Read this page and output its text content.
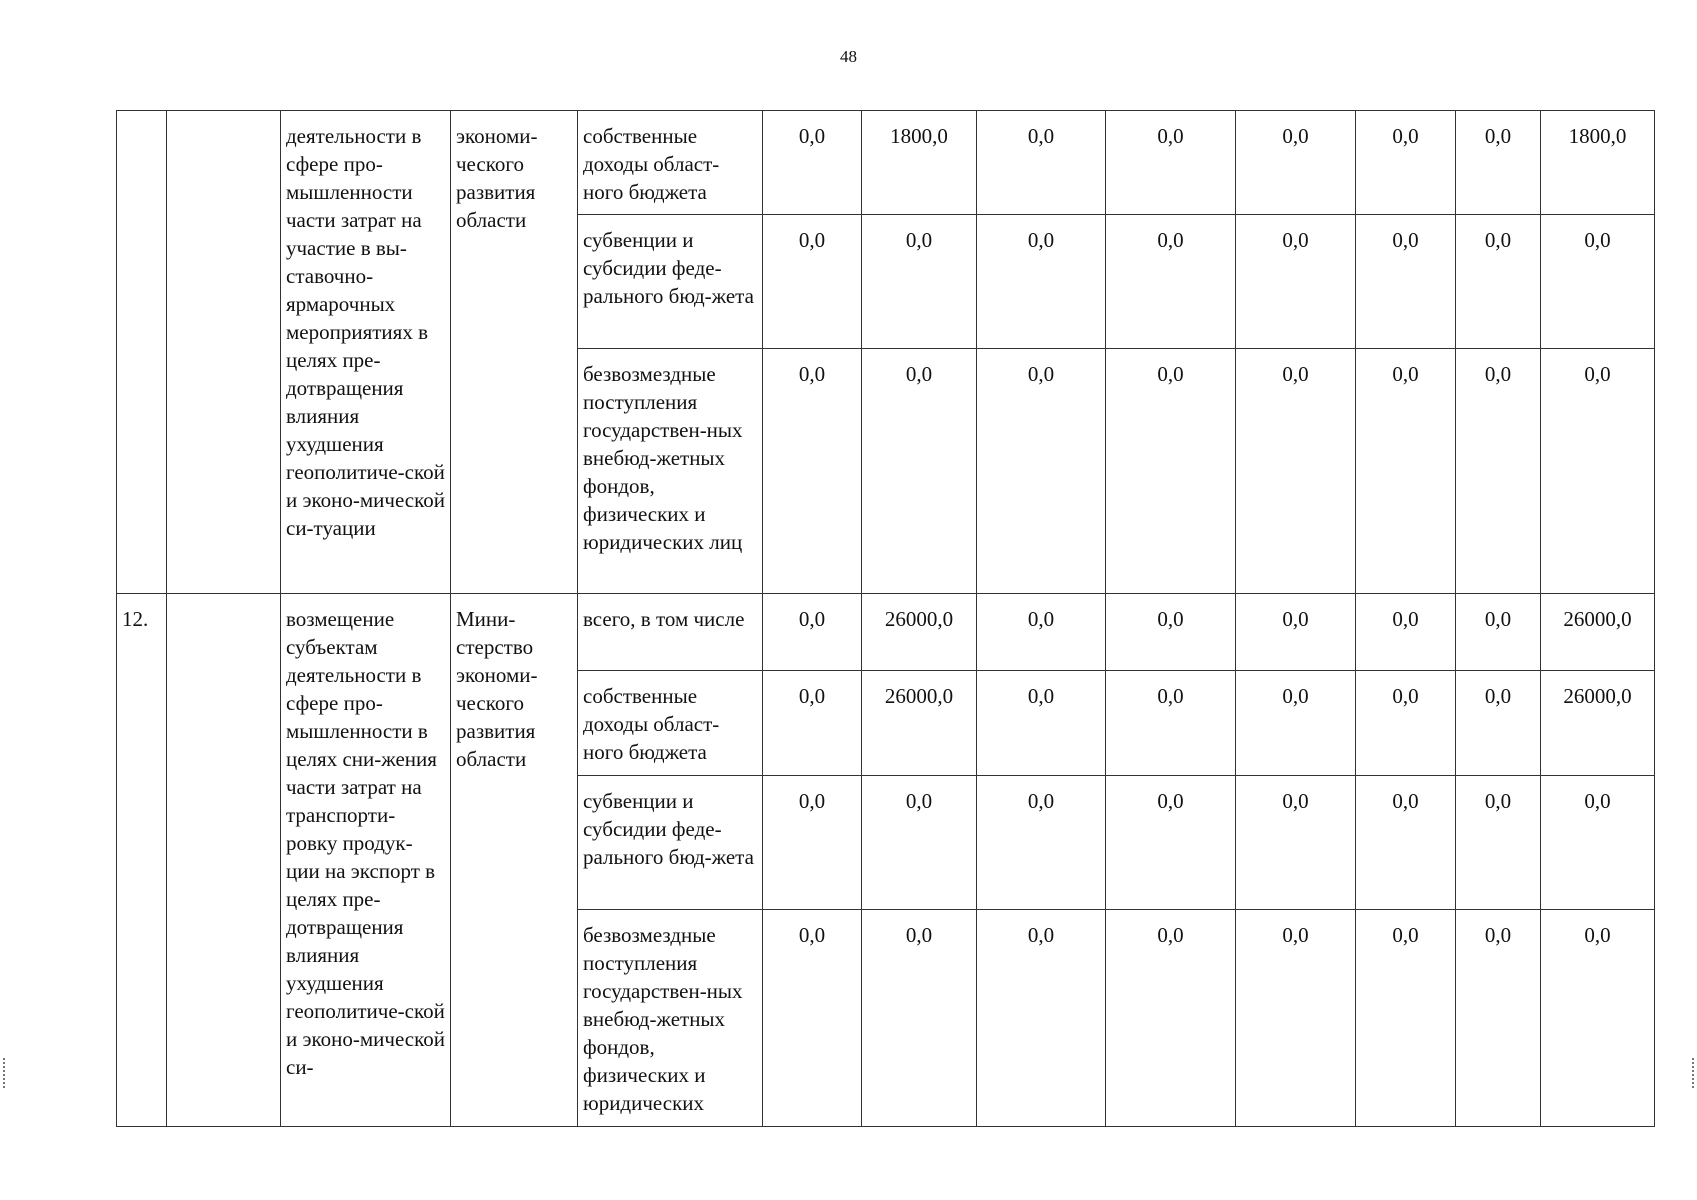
48
		деятельности в сфере про-мышленности части затрат на участие в вы-ставочно-ярмарочных мероприятиях в целях пре-дотвращения влияния ухудшения геополитиче-ской и эконо-мической си-туации	экономи-ческого развития области	собственные доходы област-ного бюджета	0,0	1800,0	0,0	0,0	0,0	0,0	0,0	1800,0
				субвенции и субсидии феде-рального бюд-жета	0,0	0,0	0,0	0,0	0,0	0,0	0,0	0,0
				безвозмездные поступления государствен-ных внебюд-жетных фондов, физических и юридических лиц	0,0	0,0	0,0	0,0	0,0	0,0	0,0	0,0
12.		возмещение субъектам деятельности в сфере про-мышленности в целях сни-жения части затрат на транспорти-ровку продук-ции на экспорт в целях пре-дотвращения влияния ухудшения геополитиче-ской и эконо-мической си-	Мини-стерство экономи-ческого развития области	всего, в том числе	0,0	26000,0	0,0	0,0	0,0	0,0	0,0	26000,0
				собственные доходы област-ного бюджета	0,0	26000,0	0,0	0,0	0,0	0,0	0,0	26000,0
				субвенции и субсидии феде-рального бюд-жета	0,0	0,0	0,0	0,0	0,0	0,0	0,0	0,0
				безвозмездные поступления государствен-ных внебюд-жетных фондов, физических и юридических	0,0	0,0	0,0	0,0	0,0	0,0	0,0	0,0
